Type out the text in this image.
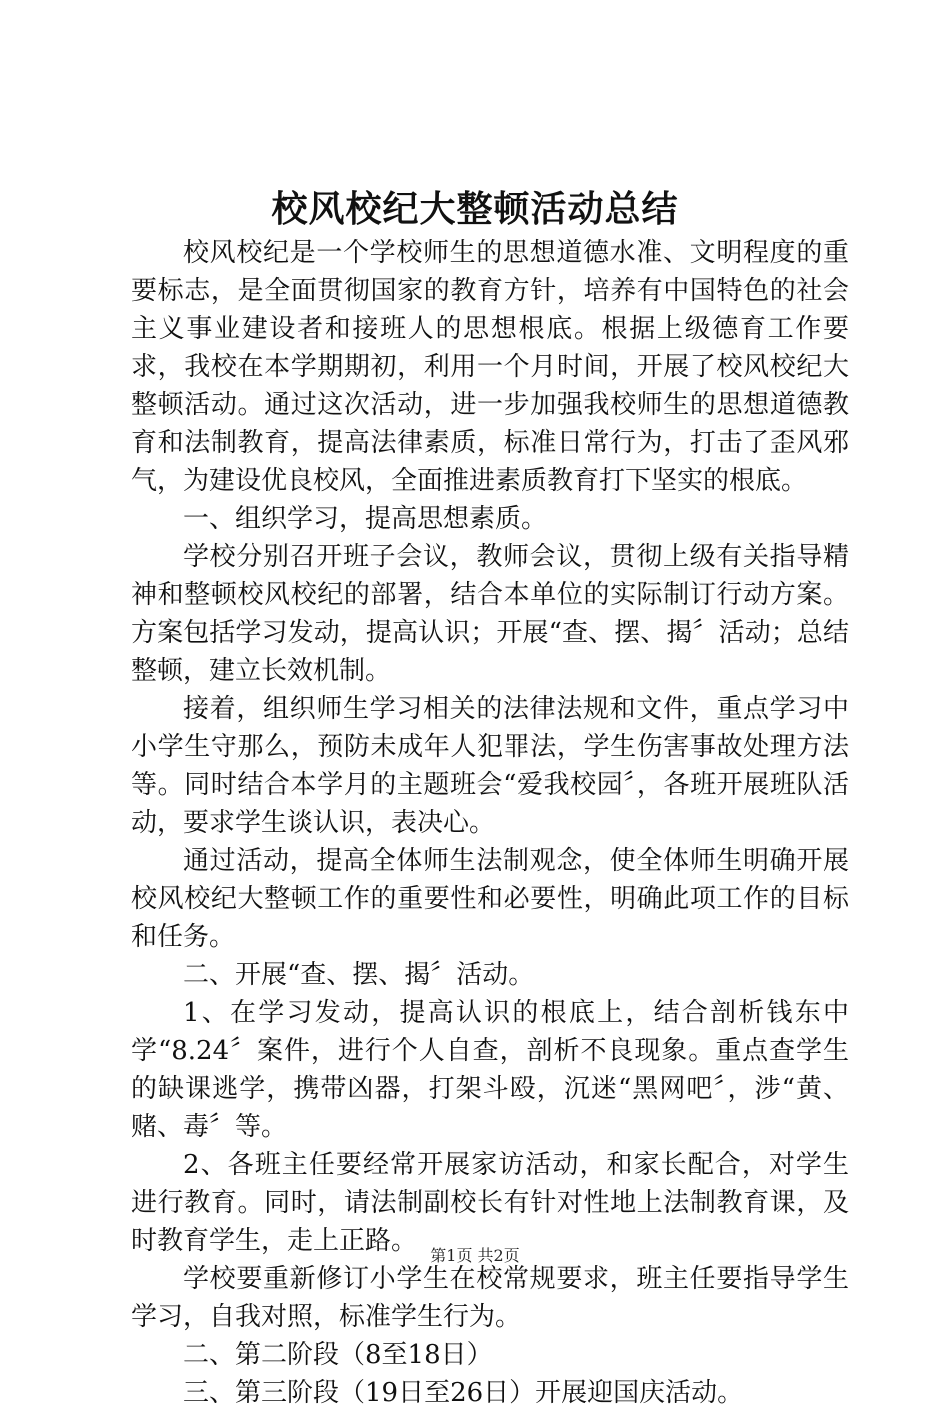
校风校纪大整顿活动总结

校风校纪是一个学校师生的思想道德水准、文明程度的重要标志，是全面贯彻国家的教育方针，培养有中国特色的社会主义事业建设者和接班人的思想根底。根据上级德育工作要求，我校在本学期期初，利用一个月时间，开展了校风校纪大整顿活动。通过这次活动，进一步加强我校师生的思想道德教育和法制教育，提高法律素质，标准日常行为，打击了歪风邪气，为建设优良校风，全面推进素质教育打下坚实的根底。

一、组织学习，提高思想素质。

学校分别召开班子会议，教师会议，贯彻上级有关指导精神和整顿校风校纪的部署，结合本单位的实际制订行动方案。方案包括学习发动，提高认识；开展“查、摆、揭〞活动；总结整顿，建立长效机制。

接着，组织师生学习相关的法律法规和文件，重点学习中小学生守那么，预防未成年人犯罪法，学生伤害事故处理方法等。同时结合本学月的主题班会“爱我校园〞，各班开展班队活动，要求学生谈认识，表决心。

通过活动，提高全体师生法制观念，使全体师生明确开展校风校纪大整顿工作的重要性和必要性，明确此项工作的目标和任务。

二、开展“查、摆、揭〞活动。

1、在学习发动，提高认识的根底上，结合剖析钱东中学“8.24〞案件，进行个人自查，剖析不良现象。重点查学生的缺课逃学，携带凶器，打架斗殴，沉迷“黑网吧〞，涉“黄、赌、毒〞等。

2、各班主任要经常开展家访活动，和家长配合，对学生进行教育。同时，请法制副校长有针对性地上法制教育课，及时教育学生，走上正路。

学校要重新修订小学生在校常规要求，班主任要指导学生学习，自我对照，标准学生行为。

二、第二阶段（8至18日）

三、第三阶段（19日至26日）开展迎国庆活动。

第1页 共2页
